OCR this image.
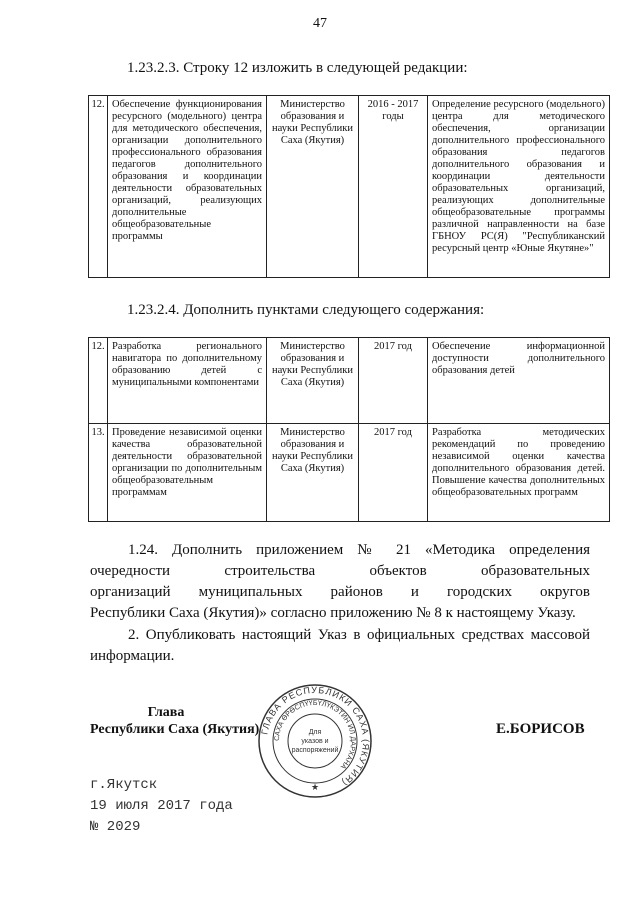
47
1.23.2.3. Строку 12 изложить в следующей редакции:
12.	Обеспечение функционирования ресурсного (модельного) центра для методического обеспечения, организации дополнительного профессионального образования педагогов дополнительного образования и координации деятельности образовательных организаций, реализующих дополнительные общеобразовательные программы	Министерство образования и науки Республики Саха (Якутия)	2016 - 2017 годы	Определение ресурсного (модельного) центра для методического обеспечения, организации дополнительного профессионального образования педагогов дополнительного образования и координации деятельности образовательных организаций, реализующих дополнительные общеобразовательные программы различной направленности на базе ГБНОУ РС(Я) "Республиканский ресурсный центр «Юные Якутяне»"
1.23.2.4. Дополнить пунктами следующего содержания:
12.	Разработка регионального навигатора по дополнительному образованию детей с муниципальными компонентами	Министерство образования и науки Республики Саха (Якутия)	2017 год	Обеспечение информационной доступности дополнительного образования детей
13.	Проведение независимой оценки качества образовательной деятельности образовательной организации по дополнительным общеобразовательным программам	Министерство образования и науки Республики Саха (Якутия)	2017 год	Разработка методических рекомендаций по проведению независимой оценки качества дополнительного образования детей. Повышение качества дополнительных общеобразовательных программ
1.24. Дополнить приложением № 21 «Методика определения
очередности строительства объектов образовательных
организаций муниципальных районов и городских округов
Республики Саха (Якутия)» согласно приложению № 8 к настоящему Указу.
2. Опубликовать настоящий Указ в официальных средствах массовой
информации.
Глава
Республики Саха (Якутия)	Е.БОРИСОВ
ГЛАВА РЕСПУБЛИКИ САХА (ЯКУТИЯ)
САХА ӨРӨСПҮҮБҮЛҮКЭТИН ИЛ ДАРХАНА
Для
указов и
распоряжений
★
г.Якутск
19 июля 2017 года
№ 2029
